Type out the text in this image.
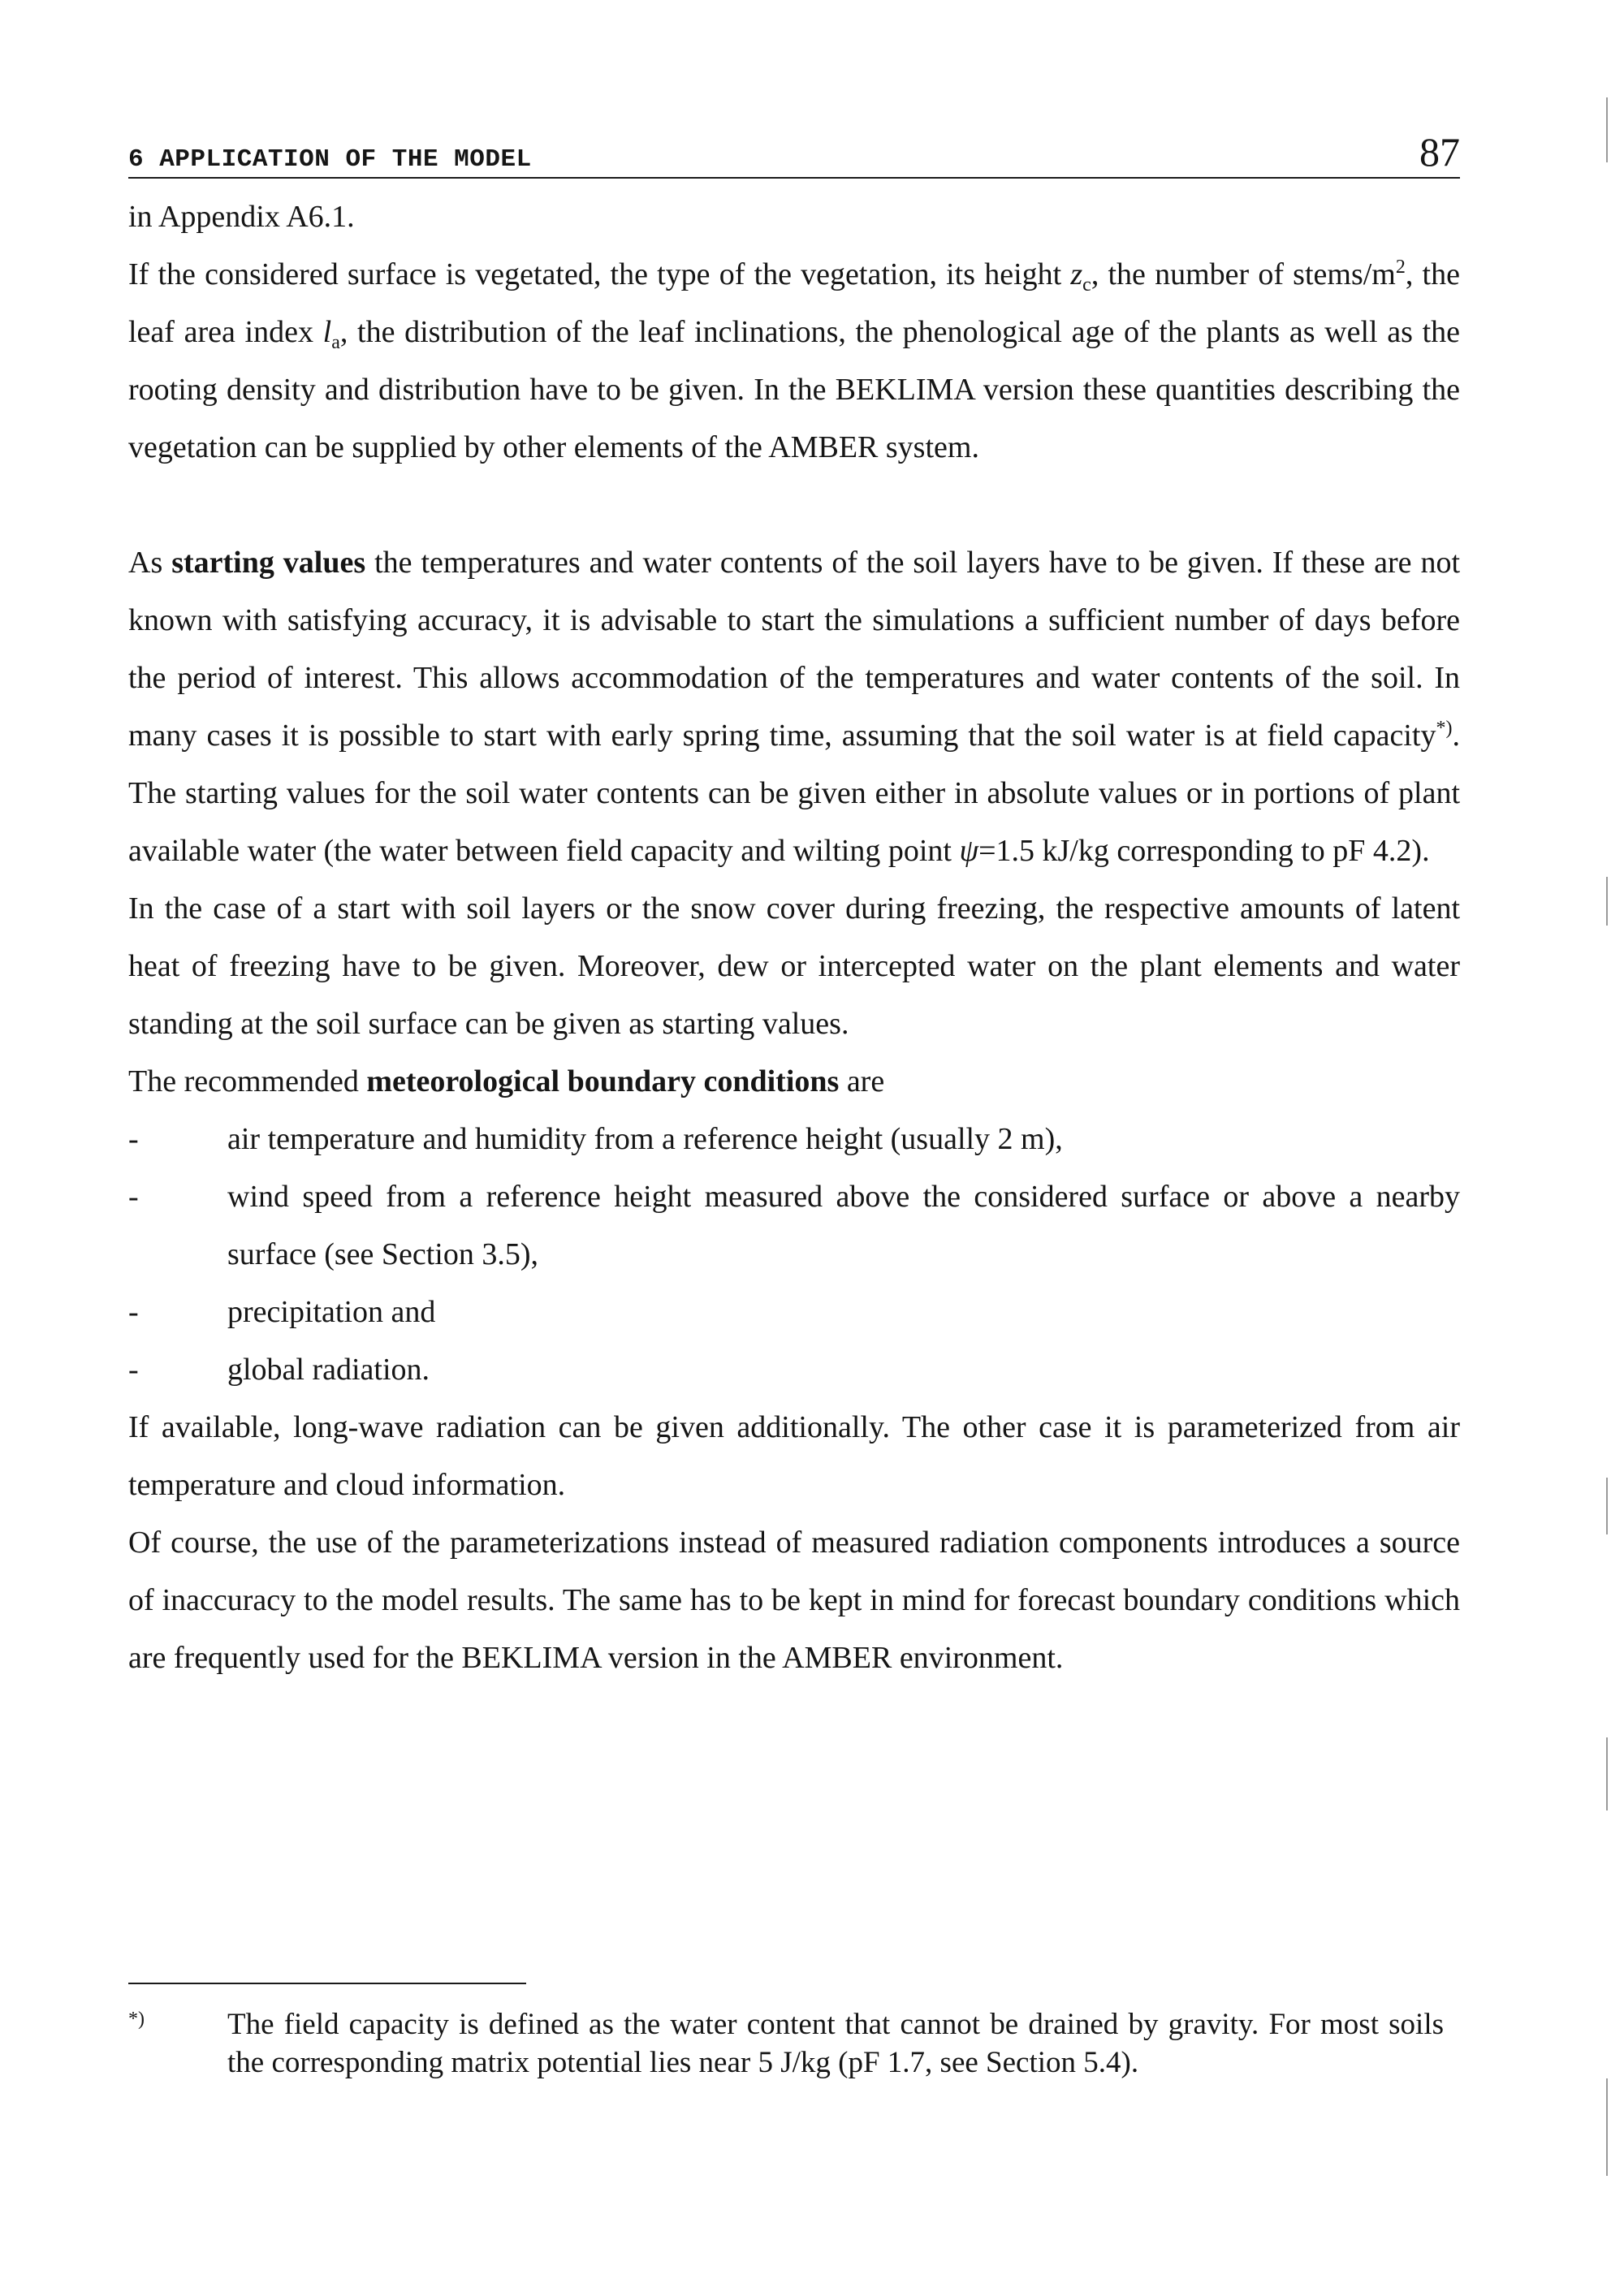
6 APPLICATION OF THE MODEL	87

in Appendix A6.1.

If the considered surface is vegetated, the type of the vegetation, its height $z_c$, the number of stems/$m^2$, the leaf area index $l_a$, the distribution of the leaf inclinations, the phenological age of the plants as well as the rooting density and distribution have to be given. In the BEKLIMA version these quantities describing the vegetation can be supplied by other elements of the AMBER system.

As starting values the temperatures and water contents of the soil layers have to be given. If these are not known with satisfying accuracy, it is advisable to start the simulations a sufficient number of days before the period of interest. This allows accommodation of the temperatures and water contents of the soil. In many cases it is possible to start with early spring time, assuming that the soil water is at field capacity*). The starting values for the soil water contents can be given either in absolute values or in portions of plant available water (the water between field capacity and wilting point ψ=1.5 kJ/kg corresponding to pF 4.2).

In the case of a start with soil layers or the snow cover during freezing, the respective amounts of latent heat of freezing have to be given. Moreover, dew or intercepted water on the plant elements and water standing at the soil surface can be given as starting values.

The recommended meteorological boundary conditions are

-	air temperature and humidity from a reference height (usually 2 m),
-	wind speed from a reference height measured above the considered surface or above a nearby surface (see Section 3.5),
-	precipitation and
-	global radiation.

If available, long-wave radiation can be given additionally. The other case it is parameterized from air temperature and cloud information.

Of course, the use of the parameterizations instead of measured radiation components introduces a source of inaccuracy to the model results. The same has to be kept in mind for forecast boundary conditions which are frequently used for the BEKLIMA version in the AMBER environment.

*)	The field capacity is defined as the water content that cannot be drained by gravity. For most soils the corresponding matrix potential lies near 5 J/kg (pF 1.7, see Section 5.4).
